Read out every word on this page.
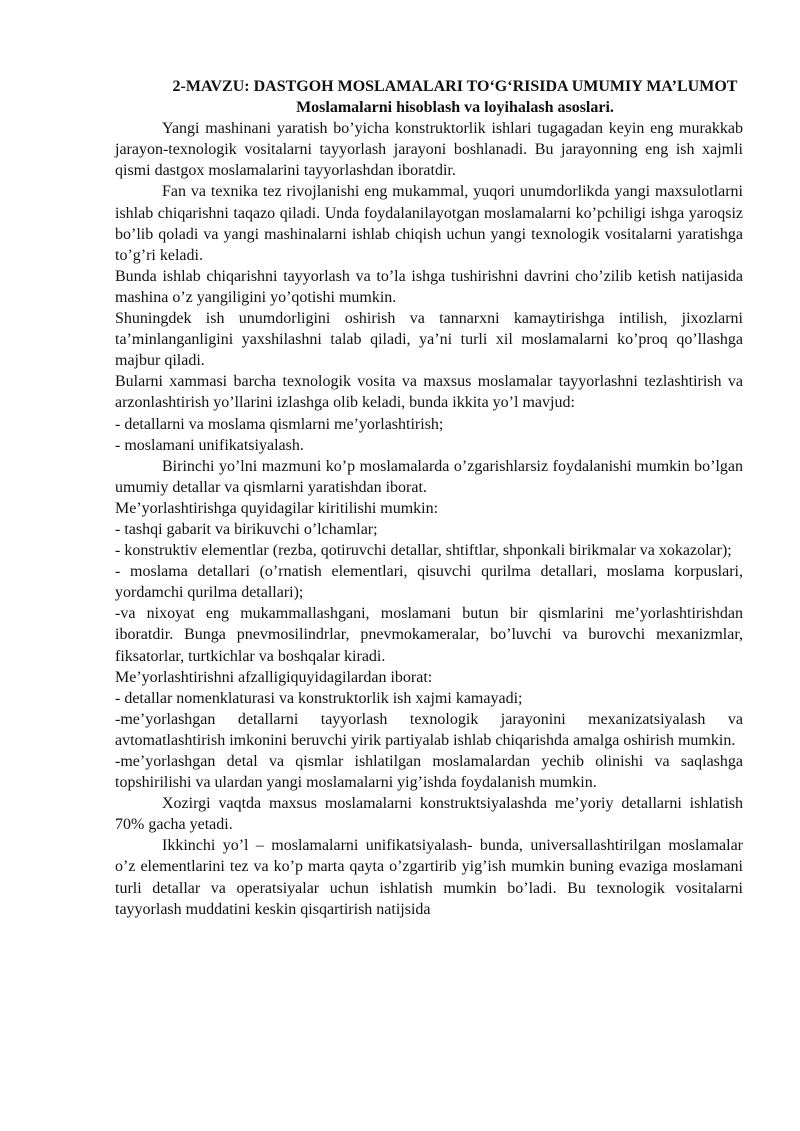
2-MAVZU: DASTGOH MOSLAMALARI TO‘G‘RISIDA UMUMIY MA’LUMOT

Moslamalarni hisoblash va loyihalash asoslari.

Yangi mashinani yaratish bo’yicha konstruktorlik ishlari tugagadan keyin eng murakkab jarayon-texnologik vositalarni tayyorlash jarayoni boshlanadi. Bu jarayonning eng ish xajmli qismi dastgox moslamalarini tayyorlashdan iboratdir.

Fan va texnika tez rivojlanishi eng mukammal, yuqori unumdorlikda yangi maxsulotlarni ishlab chiqarishni taqazo qiladi. Unda foydalanilayotgan moslamalarni ko’pchiligi ishga yaroqsiz bo’lib qoladi va yangi mashinalarni ishlab chiqish uchun yangi texnologik vositalarni yaratishga to’g’ri keladi.

Bunda ishlab chiqarishni tayyorlash va to’la ishga tushirishni davrini cho’zilib ketish natijasida mashina o’z yangiligini yo’qotishi mumkin.

Shuningdek ish unumdorligini oshirish va tannarxni kamaytirishga intilish, jixozlarni ta’minlanganligini yaxshilashni talab qiladi, ya’ni turli xil moslamalarni ko’proq qo’llashga majbur qiladi.

Bularni xammasi barcha texnologik vosita va maxsus moslamalar tayyorlashni tezlashtirish va arzonlashtirish yo’llarini izlashga olib keladi, bunda ikkita yo’l mavjud:

- detallarni va moslama qismlarni me’yorlashtirish;

- moslamani unifikatsiyalash.

Birinchi yo’lni mazmuni ko’p moslamalarda o’zgarishlarsiz foydalanishi mumkin bo’lgan umumiy detallar va qismlarni yaratishdan iborat.

Me’yorlashtirishga quyidagilar kiritilishi mumkin:

- tashqi gabarit va birikuvchi o’lchamlar;

- konstruktiv elementlar (rezba, qotiruvchi detallar, shtiftlar, shponkali birikmalar va xokazolar);

- moslama detallari (o’rnatish elementlari, qisuvchi qurilma detallari, moslama korpuslari, yordamchi qurilma detallari);

-va nixoyat eng mukammallashgani, moslamani butun bir qismlarini me’yorlashtirishdan iboratdir. Bunga pnevmosilindrlar, pnevmokameralar, bo’luvchi va burovchi mexanizmlar, fiksatorlar, turtkichlar va boshqalar kiradi.

Me’yorlashtirishni afzalligiquyidagilardan iborat:

- detallar nomenklaturasi va konstruktorlik ish xajmi kamayadi;

-me’yorlashgan detallarni tayyorlash texnologik jarayonini mexanizatsiyalash va avtomatlashtirish imkonini beruvchi yirik partiyalab ishlab chiqarishda amalga oshirish mumkin.

-me’yorlashgan detal va qismlar ishlatilgan moslamalardan yechib olinishi va saqlashga topshirilishi va ulardan yangi moslamalarni yig’ishda foydalanish mumkin.

Xozirgi vaqtda maxsus moslamalarni konstruktsiyalashda me’yoriy detallarni ishlatish 70% gacha yetadi.

Ikkinchi yo’l – moslamalarni unifikatsiyalash- bunda, universallashtirilgan moslamalar o’z elementlarini tez va ko’p marta qayta o’zgartirib yig’ish mumkin buning evaziga moslamani turli detallar va operatsiyalar uchun ishlatish mumkin bo’ladi. Bu texnologik vositalarni tayyorlash muddatini keskin qisqartirish natijsida
